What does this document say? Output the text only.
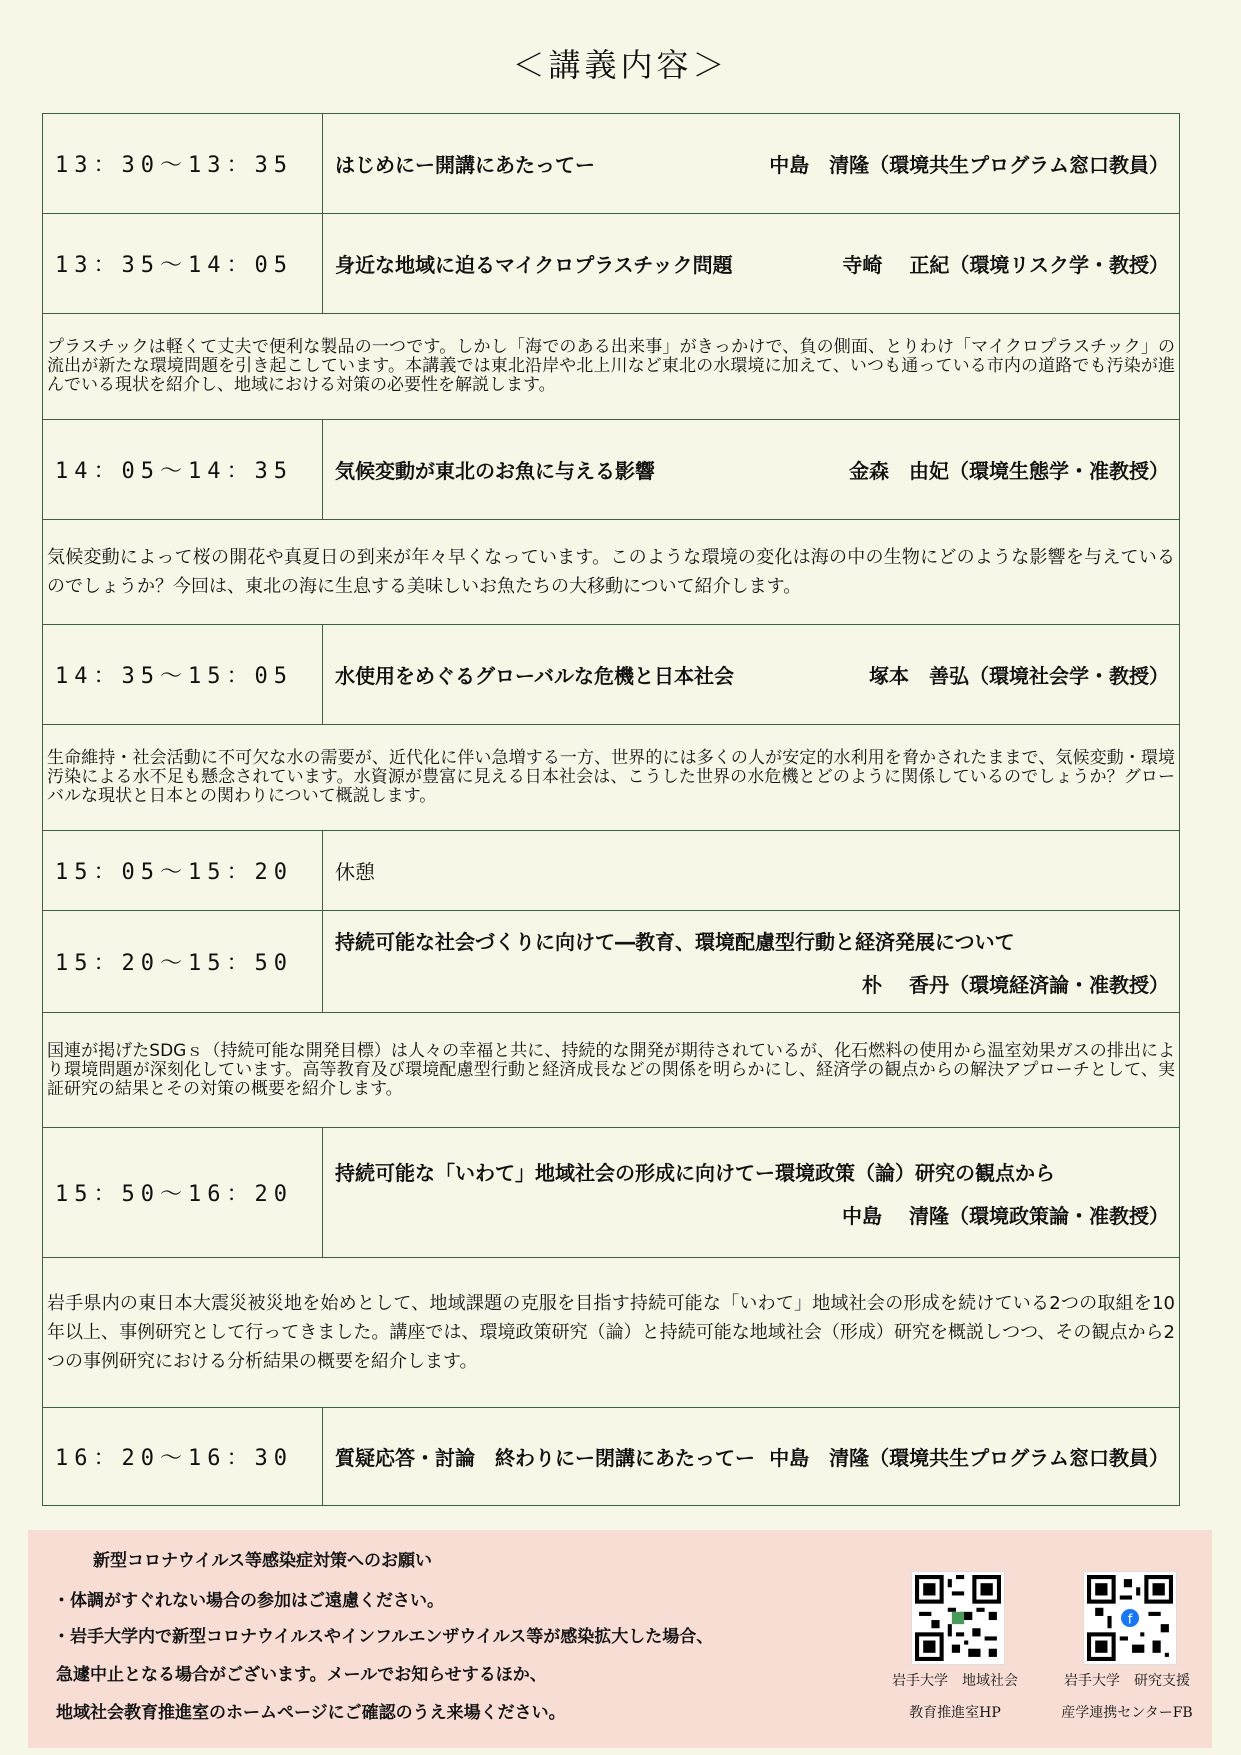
＜講義内容＞
13：30～13：35	はじめにー開講にあたってー 中島　清隆（環境共生プログラム窓口教員）

13：35～14：05	身近な地域に迫るマイクロプラスチック問題 寺崎　 正紀（環境リスク学・教授）

プラスチックは軽くて丈夫で便利な製品の一つです。しかし「海でのある出来事」がきっかけで、負の側面、とりわけ「マイクロプラスチック」の流出が新たな環境問題を引き起こしています。本講義では東北沿岸や北上川など東北の水環境に加えて、いつも通っている市内の道路でも汚染が進んでいる現状を紹介し、地域における対策の必要性を解説します。	
14：05～14：35	気候変動が東北のお魚に与える影響 金森　由妃（環境生態学・准教授）

気候変動によって桜の開花や真夏日の到来が年々早くなっています。このような環境の変化は海の中の生物にどのような影響を与えているのでしょうか？今回は、東北の海に生息する美味しいお魚たちの大移動について紹介します。	
14：35～15：05	水使用をめぐるグローバルな危機と日本社会 塚本　善弘（環境社会学・教授）

生命維持・社会活動に不可欠な水の需要が、近代化に伴い急増する一方、世界的には多くの人が安定的水利用を脅かされたままで、気候変動・環境汚染による水不足も懸念されています。水資源が豊富に見える日本社会は、こうした世界の水危機とどのように関係しているのでしょうか？グローバルな現状と日本との関わりについて概説します。	
15：05～15：20	休憩
15：20～15：50	持続可能な社会づくりに向けて―教育、環境配慮型行動と経済発展について
朴　 香丹（環境経済論・准教授）

国連が掲げたSDGｓ（持続可能な開発目標）は人々の幸福と共に、持続的な開発が期待されているが、化石燃料の使用から温室効果ガスの排出により環境問題が深刻化しています。高等教育及び環境配慮型行動と経済成長などの関係を明らかにし、経済学の観点からの解決アプローチとして、実証研究の結果とその対策の概要を紹介します。	
15：50～16：20	持続可能な「いわて」地域社会の形成に向けてー環境政策（論）研究の観点から
中島　 清隆（環境政策論・准教授）

岩手県内の東日本大震災被災地を始めとして、地域課題の克服を目指す持続可能な「いわて」地域社会の形成を続けている2つの取組を10年以上、事例研究として行ってきました。講座では、環境政策研究（論）と持続可能な地域社会（形成）研究を概説しつつ、その観点から2つの事例研究における分析結果の概要を紹介します。	
16：20～16：30	質疑応答・討論　終わりにー閉講にあたってー 中島　清隆（環境共生プログラム窓口教員）
新型コロナウイルス等感染症対策へのお願い
・体調がすぐれない場合の参加はご遠慮ください。
・岩手大学内で新型コロナウイルスやインフルエンザウイルス等が感染拡大した場合、
急遽中止となる場合がございます。メールでお知らせするほか、
地域社会教育推進室のホームページにご確認のうえ来場ください。
岩手大学　地域社会
教育推進室HP
f
岩手大学　研究支援
産学連携センターFB
